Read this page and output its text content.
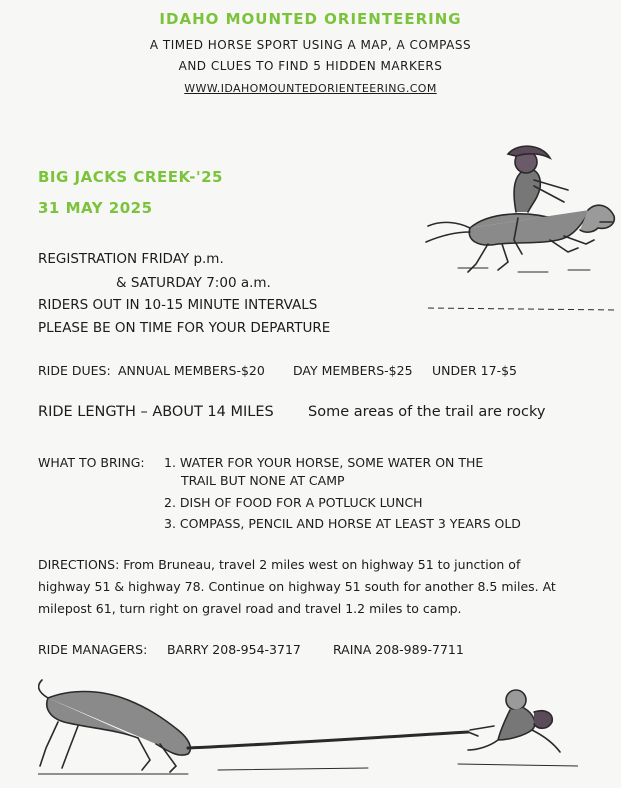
IDAHO MOUNTED ORIENTEERING
A TIMED HORSE SPORT USING A MAP, A COMPASS
AND CLUES TO FIND 5 HIDDEN MARKERS
WWW.IDAHOMOUNTEDORIENTEERING.COM
BIG JACKS CREEK-'25
31 MAY 2025
REGISTRATION FRIDAY p.m.
& SATURDAY 7:00 a.m.
RIDERS OUT IN 10-15 MINUTE INTERVALS
PLEASE BE ON TIME FOR YOUR DEPARTURE
RIDE DUES: ANNUAL MEMBERS-$20 DAY MEMBERS-$25 UNDER 17-$5
RIDE LENGTH – ABOUT 14 MILES Some areas of the trail are rocky
WHAT TO BRING: 1. WATER FOR YOUR HORSE, SOME WATER ON THE
TRAIL BUT NONE AT CAMP
2. DISH OF FOOD FOR A POTLUCK LUNCH
3. COMPASS, PENCIL AND HORSE AT LEAST 3 YEARS OLD
DIRECTIONS: From Bruneau, travel 2 miles west on highway 51 to junction of
highway 51 & highway 78. Continue on highway 51 south for another 8.5 miles. At
milepost 61, turn right on gravel road and travel 1.2 miles to camp.
RIDE MANAGERS: BARRY 208-954-3717	RAINA 208-989-7711
